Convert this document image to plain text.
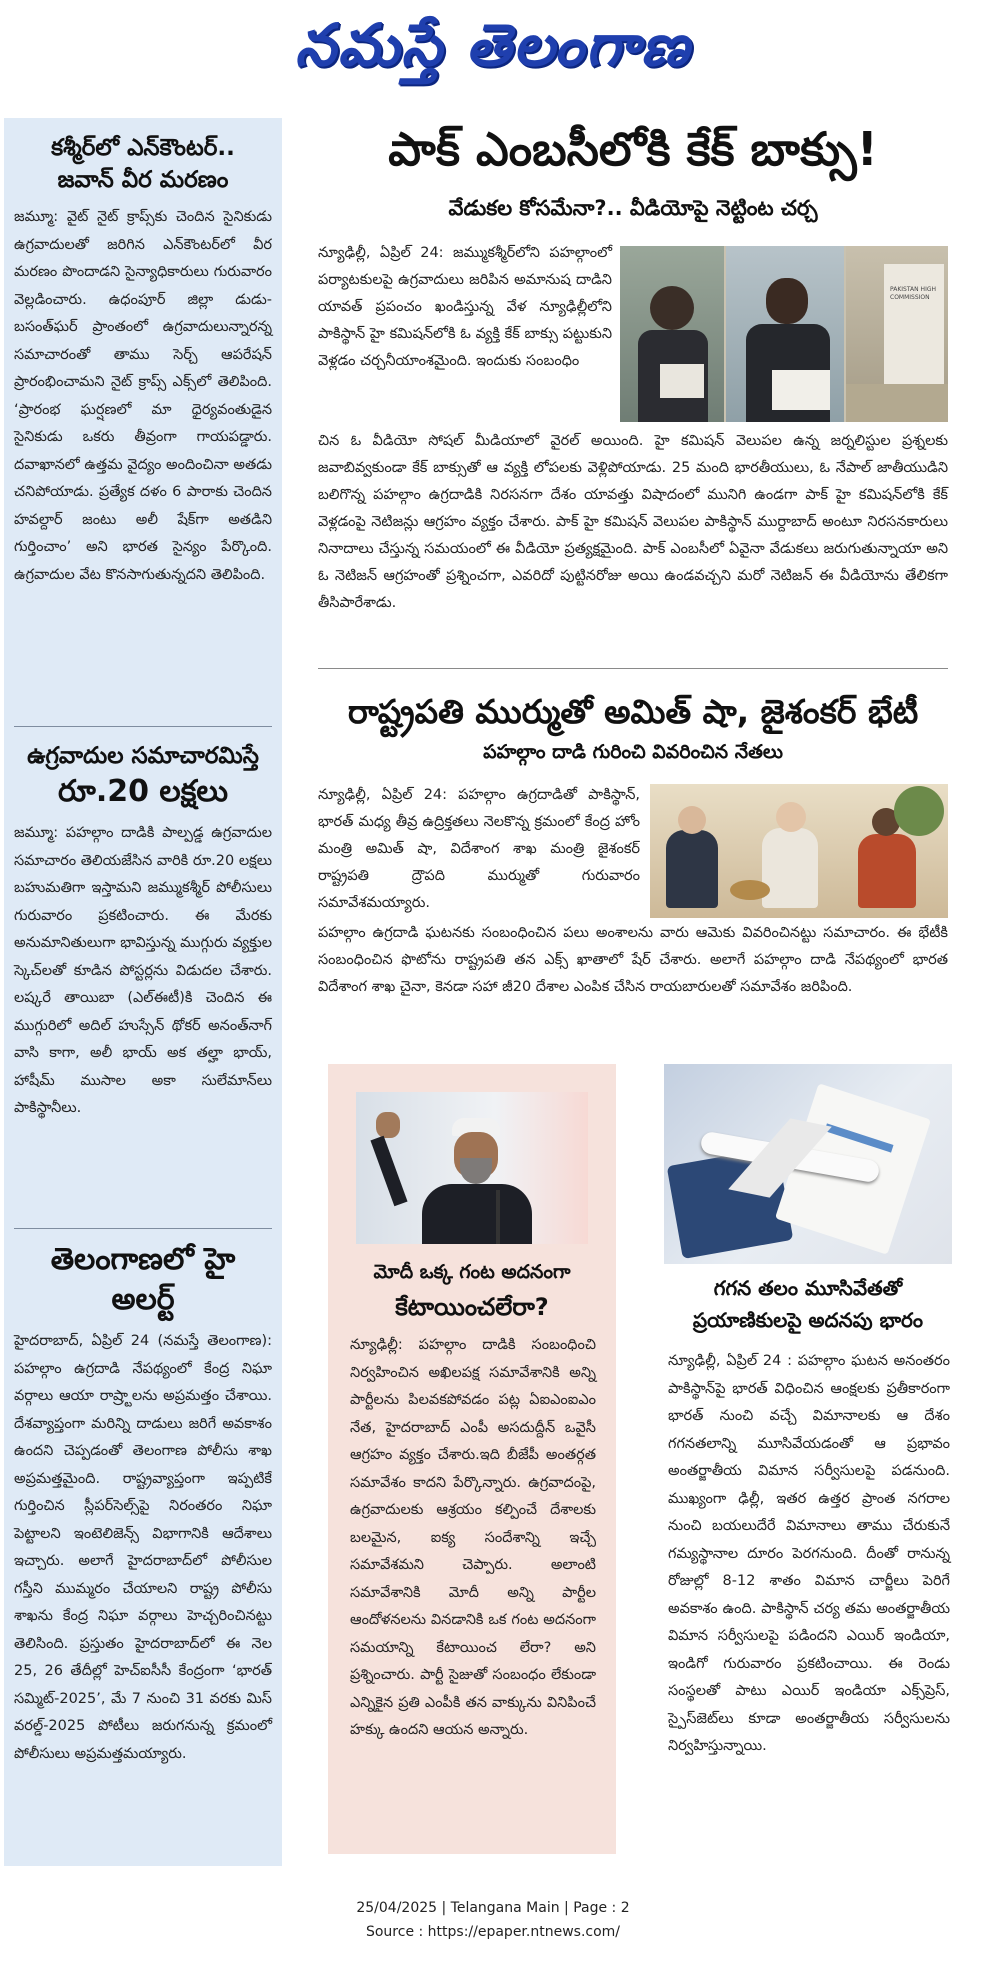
నమస్తే తెలంగాణ
కశ్మీర్‌లో ఎన్‌కౌంటర్..
జవాన్ వీర మరణం

జమ్మూ: వైట్ నైట్ క్రాప్స్‌కు చెందిన సైనికుడు ఉగ్రవాదులతో జరిగిన ఎన్‌కౌంటర్‌లో వీర మరణం పొందాడని సైన్యాధికారులు గురువారం వెల్లడించారు. ఉధంపూర్ జిల్లా డుడు-బసంత్‌ఘర్ ప్రాంతంలో ఉగ్రవాదులున్నారన్న సమాచారంతో తాము సెర్చ్ ఆపరేషన్ ప్రారంభించామని నైట్ క్రాప్స్ ఎక్స్‌లో తెలిపింది. ‘ప్రారంభ ఘర్షణలో మా ధైర్యవంతుడైన సైనికుడు ఒకరు తీవ్రంగా గాయపడ్డారు. దవాఖానలో ఉత్తమ వైద్యం అందించినా అతడు చనిపోయాడు. ప్రత్యేక దళం 6 పారాకు చెందిన హవల్దార్ జంటు అలీ షేక్‌గా అతడిని గుర్తించాం’ అని భారత సైన్యం పేర్కొంది. ఉగ్రవాదుల వేట కొనసాగుతున్నదని తెలిపింది.

ఉగ్రవాదుల సమాచారమిస్తే
రూ.20 లక్షలు

జమ్మూ: పహల్గాం దాడికి పాల్పడ్డ ఉగ్రవాదుల సమాచారం తెలియజేసిన వారికి రూ.20 లక్షలు బహుమతిగా ఇస్తామని జమ్ముకశ్మీర్ పోలీసులు గురువారం ప్రకటించారు. ఈ మేరకు అనుమానితులుగా భావిస్తున్న ముగ్గురు వ్యక్తుల స్కెచ్‌లతో కూడిన పోస్టర్లను విడుదల చేశారు. లష్కరే తాయిబా (ఎల్‌ఈటీ)కి చెందిన ఈ ముగ్గురిలో అదిల్ హుస్సేన్ థోకర్ అనంత్‌నాగ్ వాసి కాగా, అలీ భాయ్ అక తల్హా భాయ్, హాషీమ్ ముసాల అకా సులేమాన్‌లు పాకిస్థానీలు.

తెలంగాణలో హై అలర్ట్

హైదరాబాద్, ఏప్రిల్ 24 (నమస్తే తెలంగాణ): పహల్గాం ఉగ్రదాడి నేపథ్యంలో కేంద్ర నిఘా వర్గాలు ఆయా రాష్ర్టాలను అప్రమత్తం చేశాయి. దేశవ్యాప్తంగా మరిన్ని దాడులు జరిగే అవకాశం ఉందని చెప్పడంతో తెలంగాణ పోలీసు శాఖ అప్రమత్తమైంది. రాష్ట్రవ్యాప్తంగా ఇప్పటికే గుర్తించిన స్లీపర్‌సెల్స్‌పై నిరంతరం నిఘా పెట్టాలని ఇంటెలిజెన్స్ విభాగానికి ఆదేశాలు ఇచ్చారు. అలాగే హైదరాబాద్‌లో పోలీసుల గస్తీని ముమ్మరం చేయాలని రాష్ట్ర పోలీసు శాఖను కేంద్ర నిఘా వర్గాలు హెచ్చరించినట్టు తెలిసింది. ప్రస్తుతం హైదరాబాద్‌లో ఈ నెల 25, 26 తేదీల్లో హెచ్‌ఐసీసీ కేంద్రంగా ‘భారత్ సమ్మిట్-2025’, మే 7 నుంచి 31 వరకు మిస్ వరల్డ్-2025 పోటీలు జరుగనున్న క్రమంలో పోలీసులు అప్రమత్తమయ్యారు.

పాక్ ఎంబసీలోకి కేక్ బాక్సు!
వేడుకల కోసమేనా?.. వీడియోపై నెట్టింట చర్చ

న్యూఢిల్లీ, ఏప్రిల్ 24: జమ్ముకశ్మీర్‌లోని పహల్గాంలో పర్యాటకులపై ఉగ్రవాదులు జరిపిన అమానుష దాడిని యావత్ ప్రపంచం ఖండిస్తున్న వేళ న్యూఢిల్లీలోని పాకిస్థాన్ హై కమిషన్‌లోకి ఓ వ్యక్తి కేక్ బాక్సు పట్టుకుని వెళ్లడం చర్చనీయాంశమైంది. ఇందుకు సంబంధిం

PAKISTAN HIGH COMMISSION

చిన ఓ వీడియో సోషల్ మీడియాలో వైరల్ అయింది. హై కమిషన్ వెలుపల ఉన్న జర్నలిస్టుల ప్రశ్నలకు జవాబివ్వకుండా కేక్ బాక్సుతో ఆ వ్యక్తి లోపలకు వెళ్లిపోయాడు. 25 మంది భారతీయులు, ఓ నేపాల్ జాతీయుడిని బలిగొన్న పహల్గాం ఉగ్రదాడికి నిరసనగా దేశం యావత్తు విషాదంలో మునిగి ఉండగా పాక్ హై కమిషన్‌లోకి కేక్ వెళ్లడంపై నెటిజన్లు ఆగ్రహం వ్యక్తం చేశారు. పాక్ హై కమిషన్ వెలుపల పాకిస్థాన్ ముర్దాబాద్ అంటూ నిరసనకారులు నినాదాలు చేస్తున్న సమయంలో ఈ వీడియో ప్రత్యక్షమైంది. పాక్ ఎంబసీలో ఏవైనా వేడుకలు జరుగుతున్నాయా అని ఓ నెటిజన్ ఆగ్రహంతో ప్రశ్నించగా, ఎవరిదో పుట్టినరోజు అయి ఉండవచ్చని మరో నెటిజన్ ఈ వీడియోను తేలికగా తీసిపారేశాడు.

రాష్ట్రపతి ముర్ముతో అమిత్ షా, జైశంకర్ భేటీ
పహల్గాం దాడి గురించి వివరించిన నేతలు

న్యూఢిల్లీ, ఏప్రిల్ 24: పహల్గాం ఉగ్రదాడితో పాకిస్థాన్, భారత్ మధ్య తీవ్ర ఉద్రిక్తతలు నెలకొన్న క్రమంలో కేంద్ర హోం మంత్రి అమిత్ షా, విదేశాంగ శాఖ మంత్రి జైశంకర్ రాష్ట్రపతి ద్రౌపది ముర్ముతో గురువారం సమావేశమయ్యారు.

పహల్గాం ఉగ్రదాడి ఘటనకు సంబంధించిన పలు అంశాలను వారు ఆమెకు వివరించినట్టు సమాచారం. ఈ భేటీకి సంబంధించిన ఫొటోను రాష్ట్రపతి తన ఎక్స్ ఖాతాలో షేర్ చేశారు. అలాగే పహల్గాం దాడి నేపథ్యంలో భారత విదేశాంగ శాఖ చైనా, కెనడా సహా జీ20 దేశాల ఎంపిక చేసిన రాయబారులతో సమావేశం జరిపింది.

మోదీ ఒక్క గంట అదనంగా
కేటాయించలేరా?

న్యూఢిల్లీ: పహల్గాం దాడికి సంబంధించి నిర్వహించిన అఖిలపక్ష సమావేశానికి అన్ని పార్టీలను పిలవకపోవడం పట్ల ఏఐఎంఐఎం నేత, హైదరాబాద్ ఎంపీ అసదుద్దీన్ ఒవైసీ ఆగ్రహం వ్యక్తం చేశారు.ఇది బీజేపీ అంతర్గత సమావేశం కాదని పేర్కొన్నారు. ఉగ్రవాదంపై, ఉగ్రవాదులకు ఆశ్రయం కల్పించే దేశాలకు బలమైన, ఐక్య సందేశాన్ని ఇచ్చే సమావేశమని చెప్పారు. అలాంటి సమావేశానికి మోదీ అన్ని పార్టీల ఆందోళనలను వినడానికి ఒక గంట అదనంగా సమయాన్ని కేటాయించ లేరా? అని ప్రశ్నించారు. పార్టీ సైజుతో సంబంధం లేకుండా ఎన్నికైన ప్రతి ఎంపీకి తన వాక్కును వినిపించే హక్కు ఉందని ఆయన అన్నారు.

గగన తలం మూసివేతతో
ప్రయాణికులపై అదనపు భారం

న్యూఢిల్లీ, ఏప్రిల్ 24 : పహల్గాం ఘటన అనంతరం పాకిస్థాన్‌పై భారత్ విధించిన ఆంక్షలకు ప్రతీకారంగా భారత్ నుంచి వచ్చే విమానాలకు ఆ దేశం గగనతలాన్ని మూసివేయడంతో ఆ ప్రభావం అంతర్జాతీయ విమాన సర్వీసులపై పడనుంది. ముఖ్యంగా ఢిల్లీ, ఇతర ఉత్తర ప్రాంత నగరాల నుంచి బయలుదేరే విమానాలు తాము చేరుకునే గమ్యస్థానాల దూరం పెరగనుంది. దీంతో రానున్న రోజుల్లో 8-12 శాతం విమాన చార్జీలు పెరిగే అవకాశం ఉంది. పాకిస్థాన్ చర్య తమ అంతర్జాతీయ విమాన సర్వీసులపై పడిందని ఎయిర్ ఇండియా, ఇండిగో గురువారం ప్రకటించాయి. ఈ రెండు సంస్థలతో పాటు ఎయిర్ ఇండియా ఎక్స్‌ప్రెస్, స్పైస్‌జెట్‌లు కూడా అంతర్జాతీయ సర్వీసులను నిర్వహిస్తున్నాయి.

25/04/2025 | Telangana Main | Page : 2
Source : https://epaper.ntnews.com/
